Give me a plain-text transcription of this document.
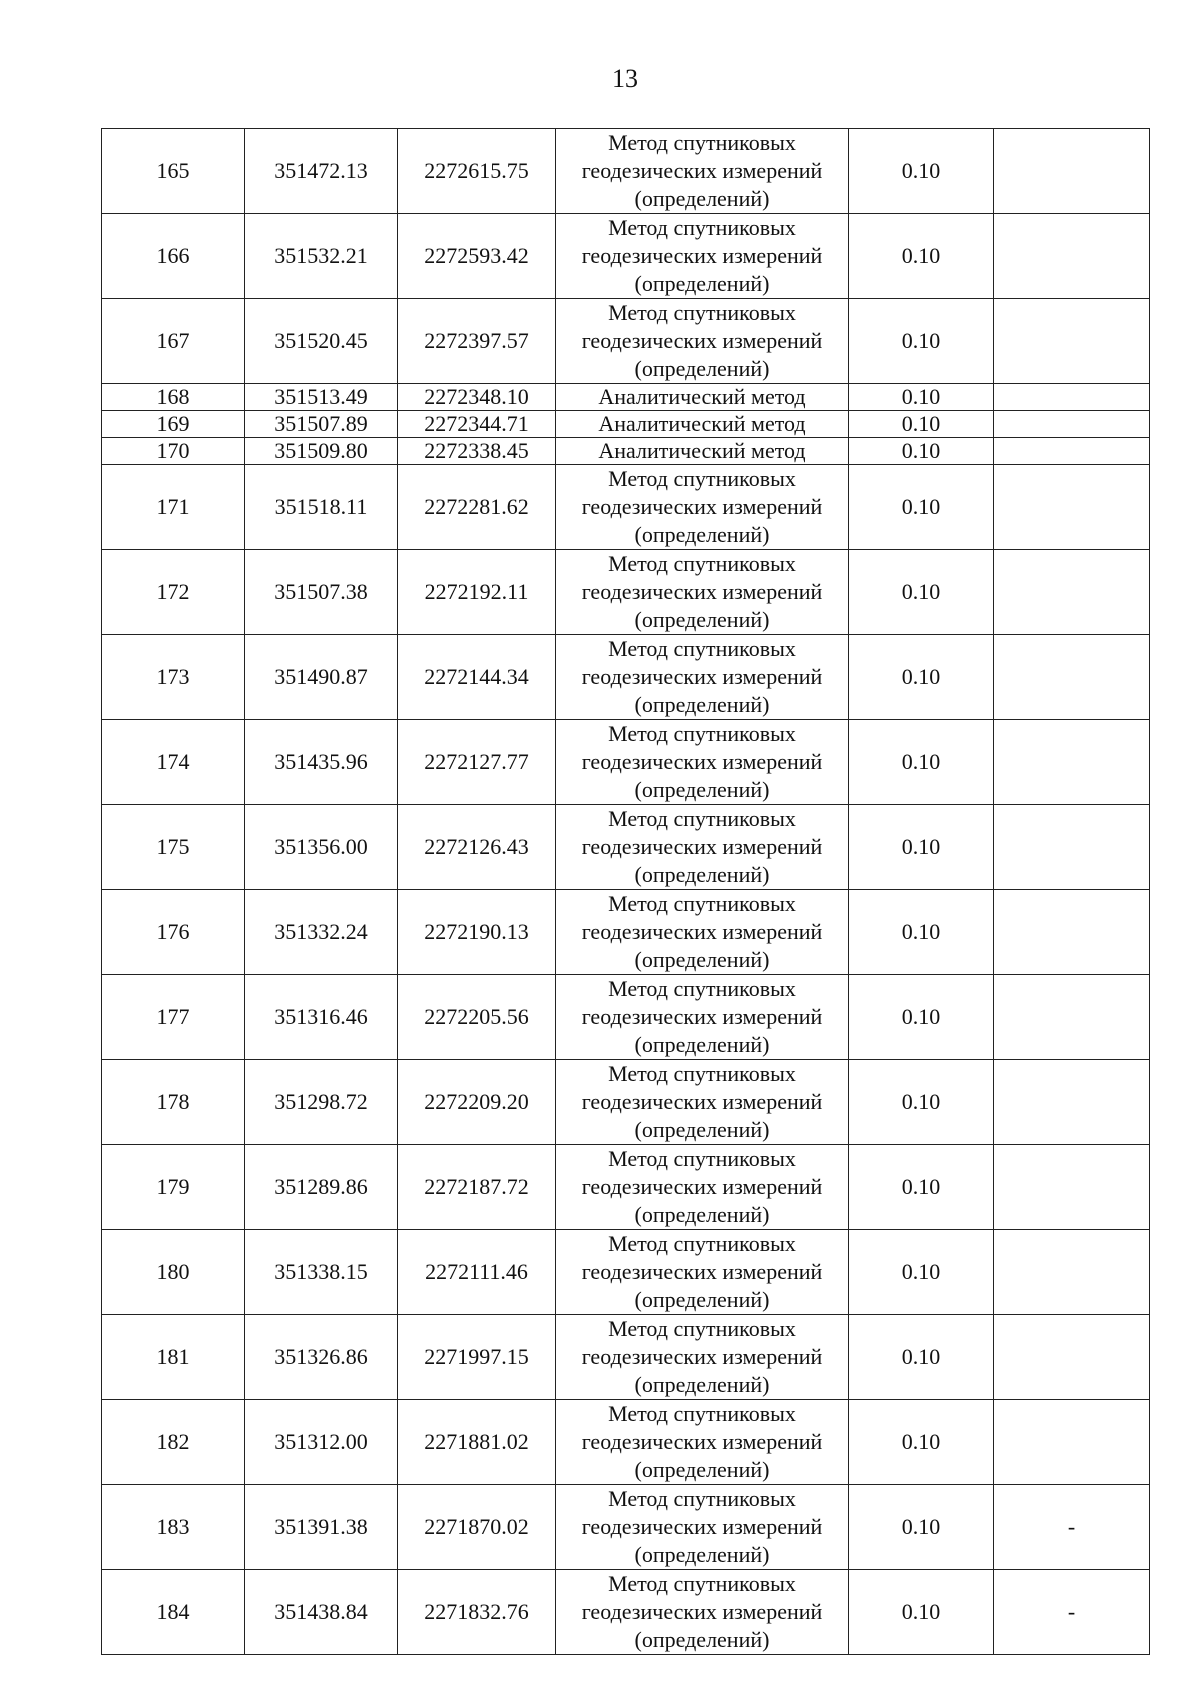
13
165	351472.13	2272615.75	Метод спутниковых геодезических измерений (определений)	0.10	
166	351532.21	2272593.42	Метод спутниковых геодезических измерений (определений)	0.10	
167	351520.45	2272397.57	Метод спутниковых геодезических измерений (определений)	0.10	
168	351513.49	2272348.10	Аналитический метод	0.10	
169	351507.89	2272344.71	Аналитический метод	0.10	
170	351509.80	2272338.45	Аналитический метод	0.10	
171	351518.11	2272281.62	Метод спутниковых геодезических измерений (определений)	0.10	
172	351507.38	2272192.11	Метод спутниковых геодезических измерений (определений)	0.10	
173	351490.87	2272144.34	Метод спутниковых геодезических измерений (определений)	0.10	
174	351435.96	2272127.77	Метод спутниковых геодезических измерений (определений)	0.10	
175	351356.00	2272126.43	Метод спутниковых геодезических измерений (определений)	0.10	
176	351332.24	2272190.13	Метод спутниковых геодезических измерений (определений)	0.10	
177	351316.46	2272205.56	Метод спутниковых геодезических измерений (определений)	0.10	
178	351298.72	2272209.20	Метод спутниковых геодезических измерений (определений)	0.10	
179	351289.86	2272187.72	Метод спутниковых геодезических измерений (определений)	0.10	
180	351338.15	2272111.46	Метод спутниковых геодезических измерений (определений)	0.10	
181	351326.86	2271997.15	Метод спутниковых геодезических измерений (определений)	0.10	
182	351312.00	2271881.02	Метод спутниковых геодезических измерений (определений)	0.10	
183	351391.38	2271870.02	Метод спутниковых геодезических измерений (определений)	0.10	-
184	351438.84	2271832.76	Метод спутниковых геодезических измерений (определений)	0.10	-
